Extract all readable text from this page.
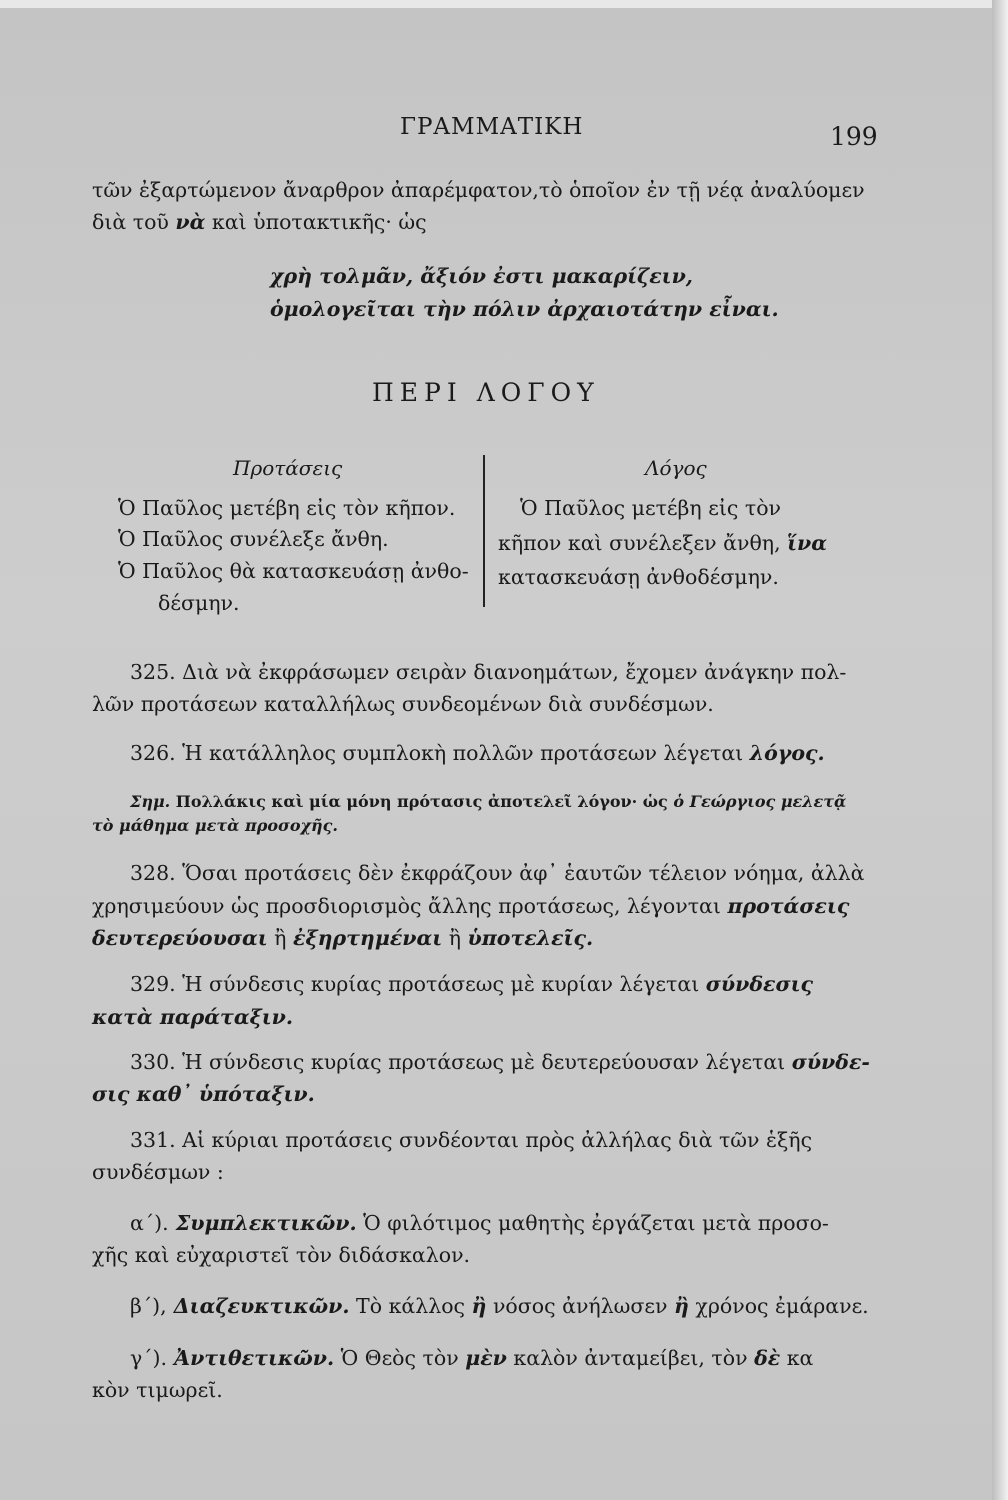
ΓΡΑΜΜΑΤΙΚΗ	199
τῶν ἐξαρτώμενον ἄναρθρον ἀπαρέμφατον,τὸ ὁποῖον ἐν τῇ νέᾳ ἀναλύομεν
διὰ τοῦ νὰ καὶ ὑποτακτικῆς· ὡς
χρὴ τολμᾶν, ἄξιόν ἐστι μακαρίζειν,
ὁμολογεῖται τὴν πόλιν ἀρχαιοτάτην εἶναι.
ΠΕΡΙ ΛΟΓΟΥ
Προτάσεις	Λόγος
Ὁ Παῦλος μετέβη εἰς τὸν κῆπον.
Ὁ Παῦλος συνέλεξε ἄνθη.
Ὁ Παῦλος θὰ κατασκευάσῃ ἀνθο-
δέσμην.
Ὁ Παῦλος μετέβη εἰς τὸν
κῆπον καὶ συνέλεξεν ἄνθη, ἵνα
κατασκευάσῃ ἀνθοδέσμην.
325. Διὰ νὰ ἐκφράσωμεν σειρὰν διανοημάτων, ἔχομεν ἀνάγκην πολ-
λῶν προτάσεων καταλλήλως συνδεομένων διὰ συνδέσμων.
326. Ἡ κατάλληλος συμπλοκὴ πολλῶν προτάσεων λέγεται λόγος.
Σημ. Πολλάκις καὶ μία μόνη πρότασις ἀποτελεῖ λόγον· ὡς ὁ Γεώργιος μελετᾷ
τὸ μάθημα μετὰ προσοχῆς.
328. Ὅσαι προτάσεις δὲν ἐκφράζουν ἀφ᾽ ἑαυτῶν τέλειον νόημα, ἀλλὰ
χρησιμεύουν ὡς προσδιορισμὸς ἄλλης προτάσεως, λέγονται προτάσεις
δευτερεύουσαι ἢ ἐξηρτημέναι ἢ ὑποτελεῖς.
329. Ἡ σύνδεσις κυρίας προτάσεως μὲ κυρίαν λέγεται σύνδεσις
κατὰ παράταξιν.
330. Ἡ σύνδεσις κυρίας προτάσεως μὲ δευτερεύουσαν λέγεται σύνδε-
σις καθ᾽ ὑπόταξιν.
331. Αἱ κύριαι προτάσεις συνδέονται πρὸς ἀλλήλας διὰ τῶν ἑξῆς
συνδέσμων :
α΄). Συμπλεκτικῶν. Ὁ φιλότιμος μαθητὴς ἐργάζεται μετὰ προσο-
χῆς καὶ εὐχαριστεῖ τὸν διδάσκαλον.
β΄), Διαζευκτικῶν. Τὸ κάλλος ἢ νόσος ἀνήλωσεν ἢ χρόνος ἐμάρανε.
γ΄). Ἀντιθετικῶν. Ὁ Θεὸς τὸν μὲν καλὸν ἀνταμείβει, τὸν δὲ κα
κὸν τιμωρεῖ.
